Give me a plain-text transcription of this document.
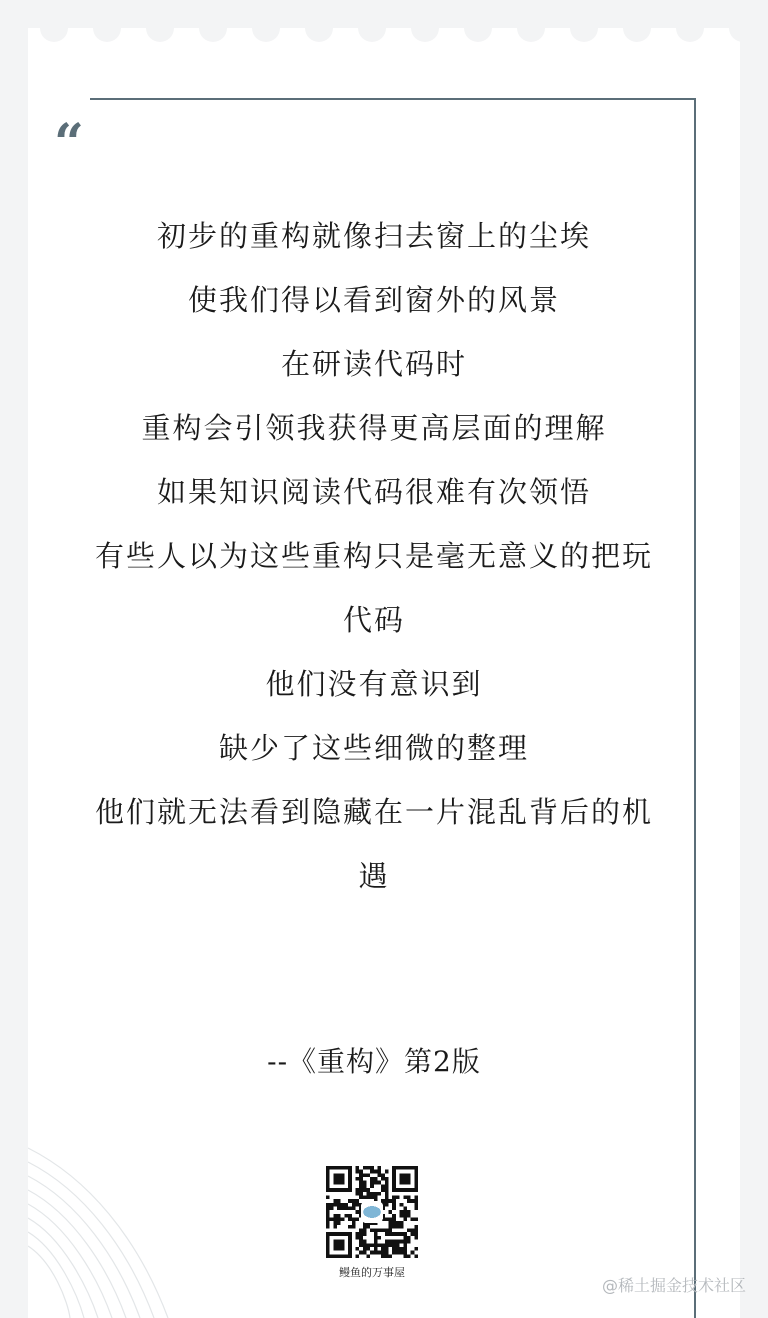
“
初步的重构就像扫去窗上的尘埃
使我们得以看到窗外的风景
在研读代码时
重构会引领我获得更高层面的理解
如果知识阅读代码很难有次领悟
有些人以为这些重构只是毫无意义的把玩
代码
他们没有意识到
缺少了这些细微的整理
他们就无法看到隐藏在一片混乱背后的机
遇
--《重构》第2版
鳗鱼的万事屋
@稀土掘金技术社区
